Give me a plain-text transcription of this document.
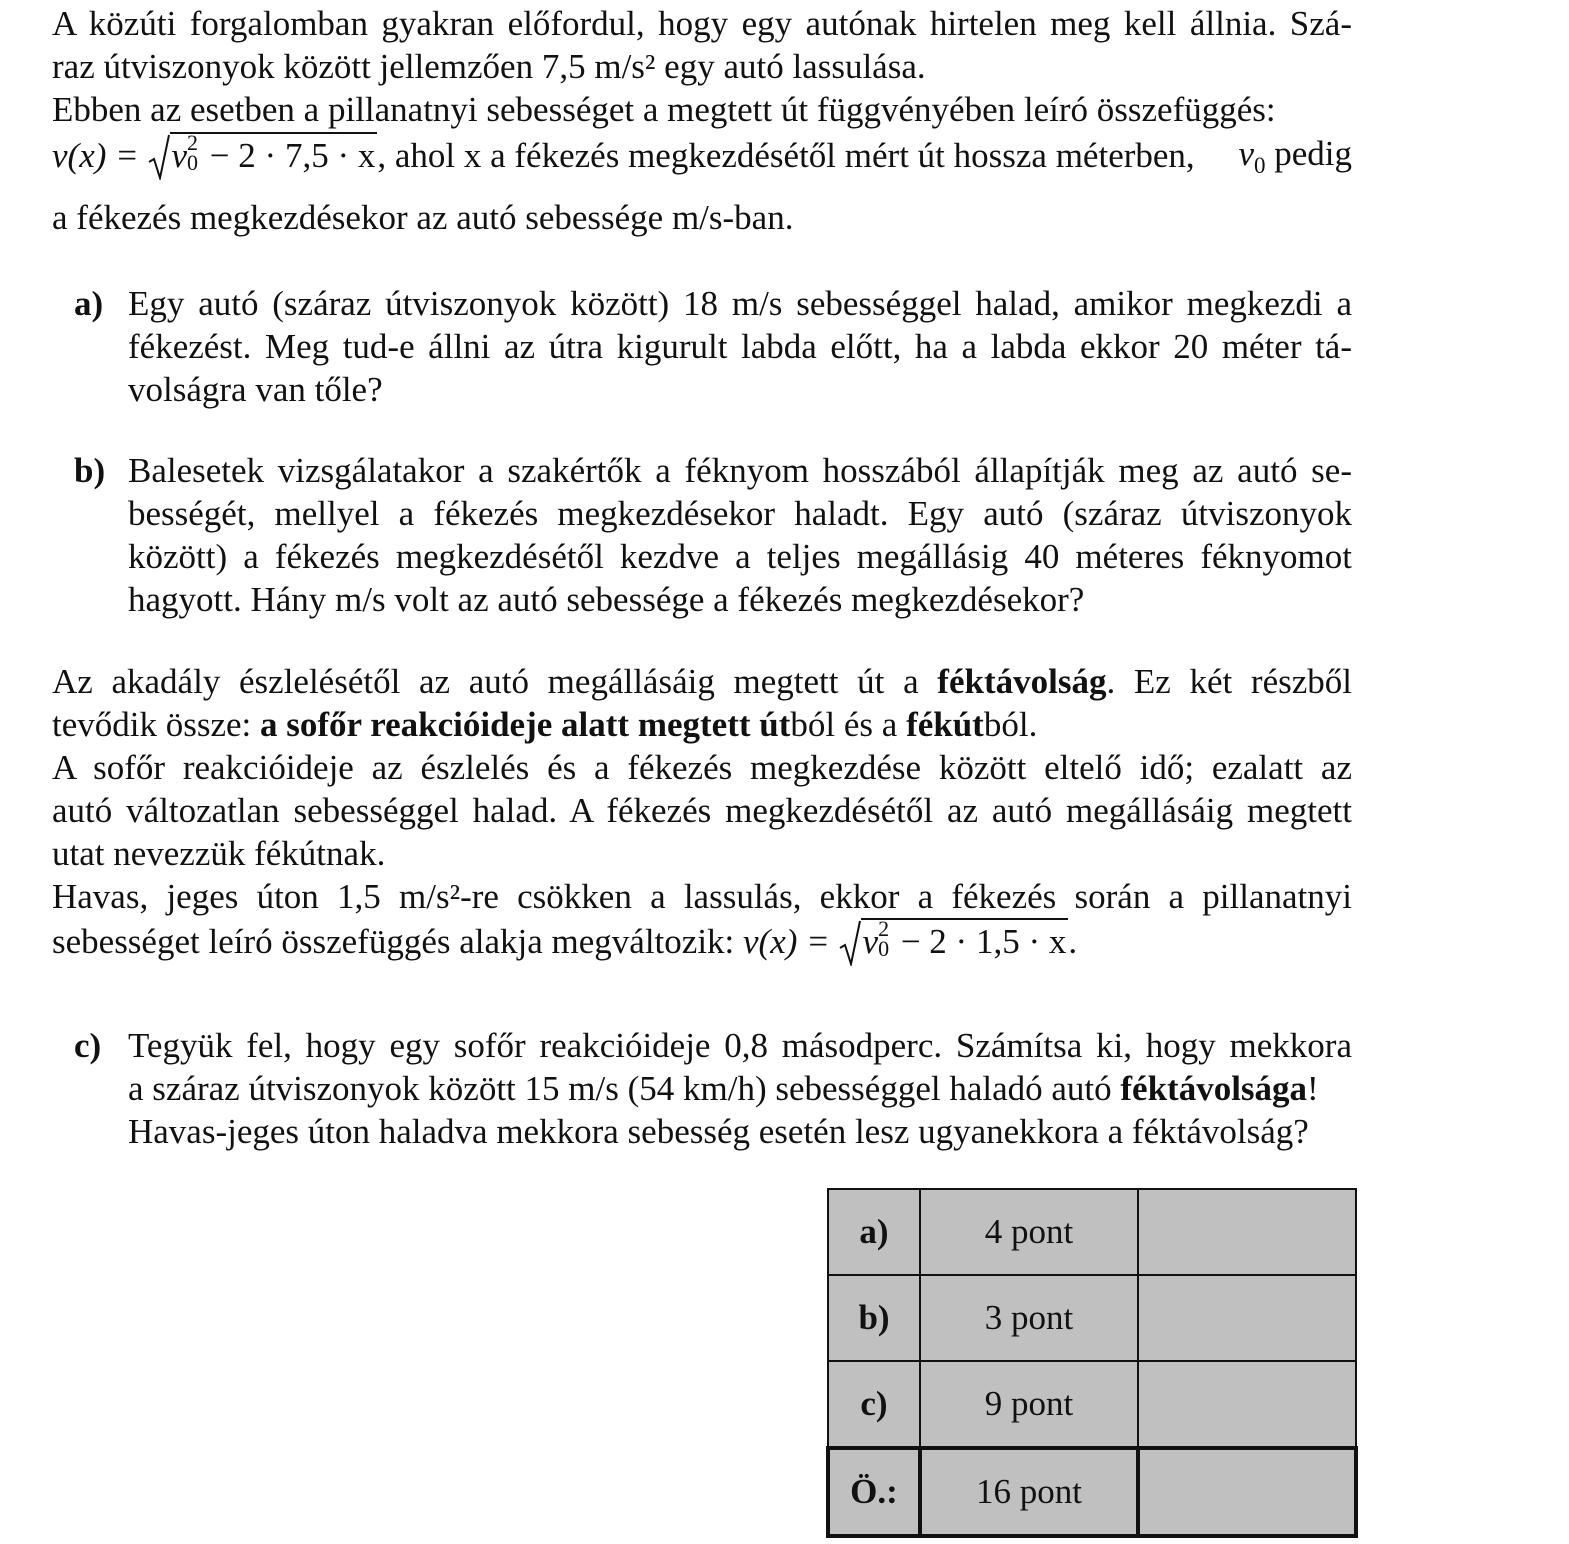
A közúti forgalomban gyakran előfordul, hogy egy autónak hirtelen meg kell állnia. Szá-
raz útviszonyok között jellemzően 7,5 m/s² egy autó lassulása.
Ebben az esetben a pillanatnyi sebességet a megtett út függvényében leíró összefüggés:
v(x) = v 2
0 − 2 · 7,5 · x, ahol x a fékezés megkezdésétől mért út hossza méterben, $v_0$ pedig
a fékezés megkezdésekor az autó sebessége m/s-ban.
a) Egy autó (száraz útviszonyok között) 18 m/s sebességgel halad, amikor megkezdi a
fékezést. Meg tud-e állni az útra kigurult labda előtt, ha a labda ekkor 20 méter tá-
volságra van tőle?
b) Balesetek vizsgálatakor a szakértők a féknyom hosszából állapítják meg az autó se-
bességét, mellyel a fékezés megkezdésekor haladt. Egy autó (száraz útviszonyok
között) a fékezés megkezdésétől kezdve a teljes megállásig 40 méteres féknyomot
hagyott. Hány m/s volt az autó sebessége a fékezés megkezdésekor?
Az akadály észlelésétől az autó megállásáig megtett út a féktávolság. Ez két részből
tevődik össze: a sofőr reakcióideje alatt megtett útból és a fékútból.
A sofőr reakcióideje az észlelés és a fékezés megkezdése között eltelő idő; ezalatt az
autó változatlan sebességgel halad. A fékezés megkezdésétől az autó megállásáig megtett
utat nevezzük fékútnak.
Havas, jeges úton 1,5 m/s²-re csökken a lassulás, ekkor a fékezés során a pillanatnyi
sebességet leíró összefüggés alakja megváltozik: v(x) = v 2
0 − 2 · 1,5 · x.
c) Tegyük fel, hogy egy sofőr reakcióideje 0,8 másodperc. Számítsa ki, hogy mekkora
a száraz útviszonyok között 15 m/s (54 km/h) sebességgel haladó autó féktávolsága!
Havas-jeges úton haladva mekkora sebesség esetén lesz ugyanekkora a féktávolság?
a)	4 pont	
b)	3 pont	
c)	9 pont	
Ö.:	16 pont	
